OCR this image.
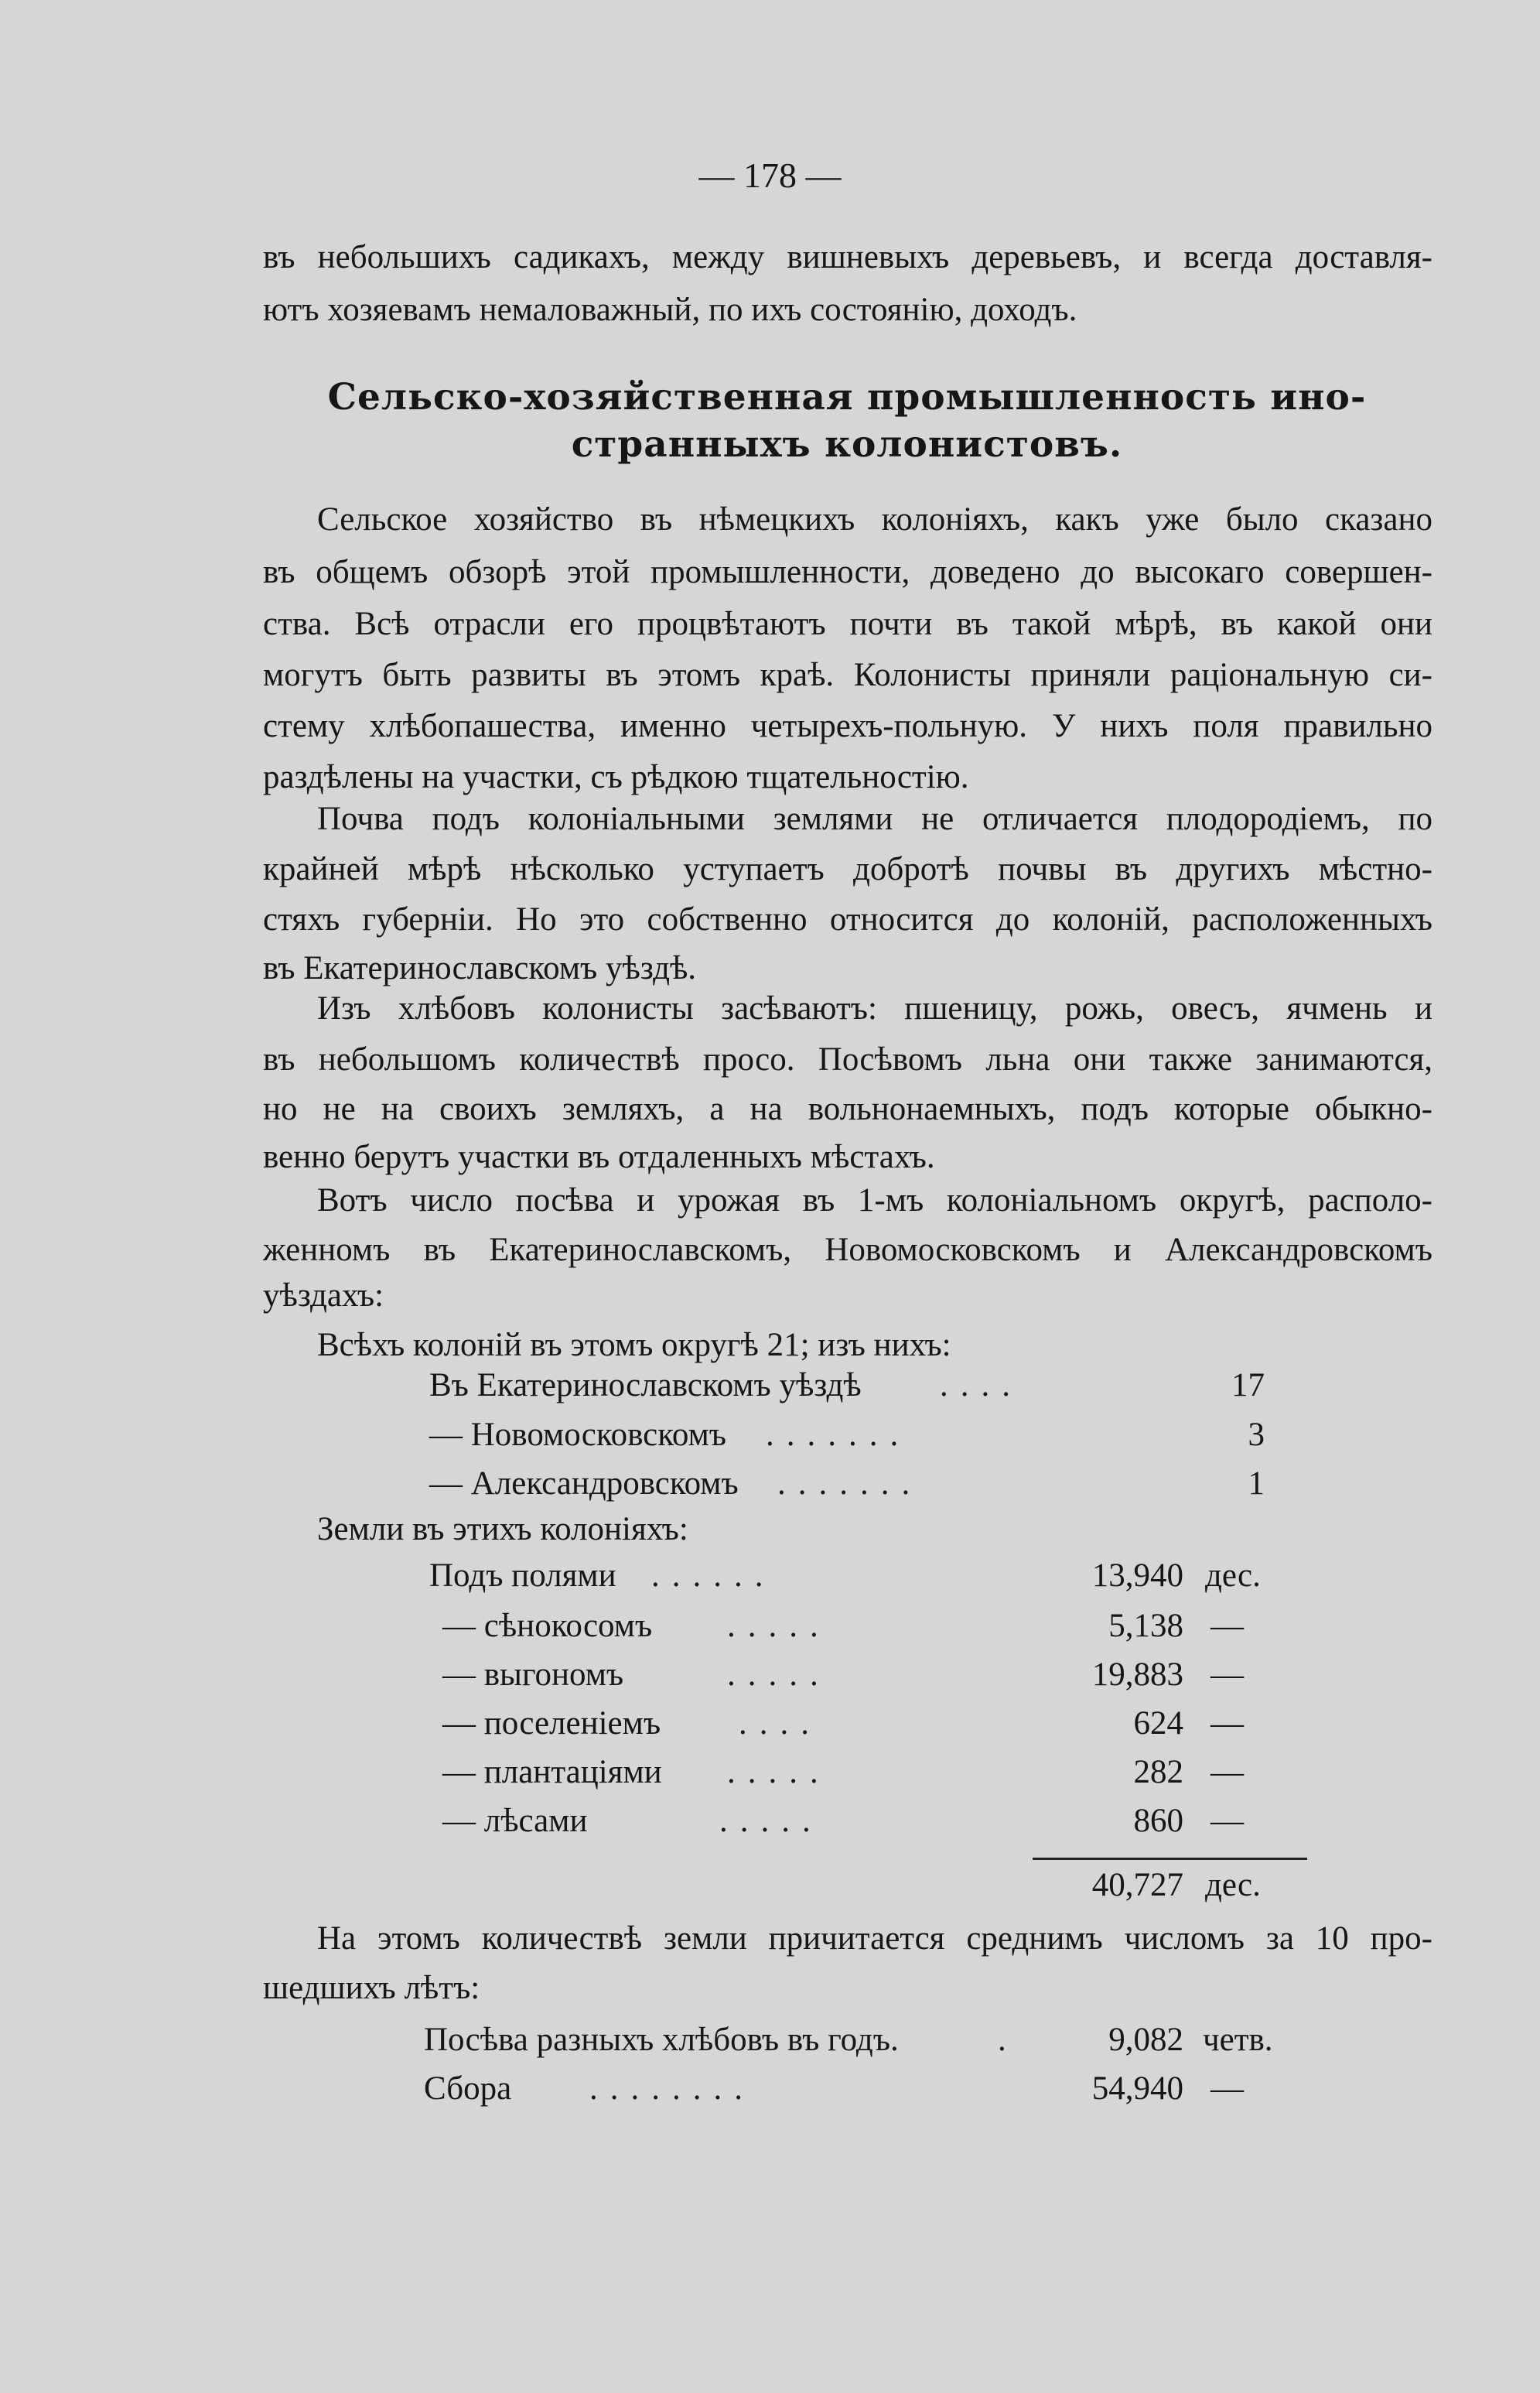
— 178 —
въ небольшихъ садикахъ, между вишневыхъ деревьевъ, и всегда доставля-
ютъ хозяевамъ немаловажный, по ихъ состоянію, доходъ.
Сельско-хозяйственная промышленность ино-
странныхъ колонистовъ.
Сельское хозяйство въ нѣмецкихъ колоніяхъ, какъ уже было сказано
въ общемъ обзорѣ этой промышленности, доведено до высокаго совершен-
ства. Всѣ отрасли его процвѣтаютъ почти въ такой мѣрѣ, въ какой они
могутъ быть развиты въ этомъ краѣ. Колонисты приняли раціональную си-
стему хлѣбопашества, именно четырехъ-польную. У нихъ поля правильно
раздѣлены на участки, съ рѣдкою тщательностію.
Почва подъ колоніальными землями не отличается плодородіемъ, по
крайней мѣрѣ нѣсколько уступаетъ добротѣ почвы въ другихъ мѣстно-
стяхъ губерніи. Но это собственно относится до колоній, расположенныхъ
въ Екатеринославскомъ уѣздѣ.
Изъ хлѣбовъ колонисты засѣваютъ: пшеницу, рожь, овесъ, ячмень и
въ небольшомъ количествѣ просо. Посѣвомъ льна они также занимаются,
но не на своихъ земляхъ, а на вольнонаемныхъ, подъ которые обыкно-
венно берутъ участки въ отдаленныхъ мѣстахъ.
Вотъ число посѣва и урожая въ 1-мъ колоніальномъ округѣ, располо-
женномъ въ Екатеринославскомъ, Новомосковскомъ и Александровскомъ
уѣздахъ:
Всѣхъ колоній въ этомъ округѣ 21; изъ нихъ:
Въ Екатеринославскомъ уѣздѣ ....	17
— Новомосковскомъ .......	3
— Александровскомъ .......	1
Земли въ этихъ колоніяхъ:
Подъ полями ......	13,940 дес.
— сѣнокосомъ .....	5,138 —
— выгономъ	.....	19,883 —
— поселеніемъ ....	624 —
— плантаціями .....	282 —
— лѣсами	.....	860 —
40,727 дес.
На этомъ количествѣ земли причитается среднимъ числомъ за 10 про-
шедшихъ лѣтъ:
Посѣва разныхъ хлѣбовъ въ годъ.	.	9,082 четв.
Сбора ........	54,940 —
